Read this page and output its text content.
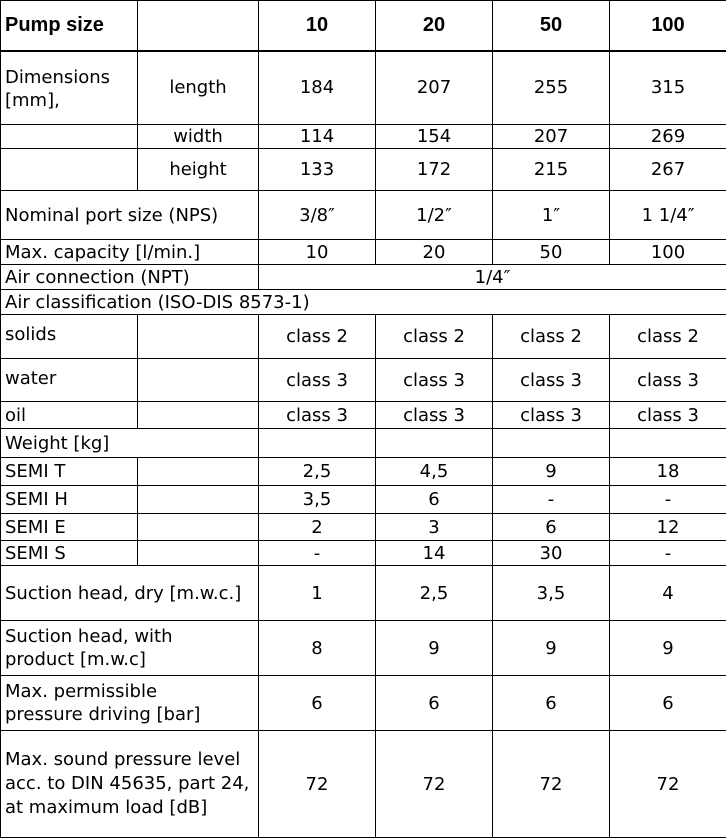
Pump size		10	20	50	100
Dimensions [mm],	length	184	207	255	315
	width	114	154	207	269
	height	133	172	215	267
Nominal port size (NPS)		3/8″	1/2″	1″	1 1/4″
Max. capacity [l/min.]		10	20	50	100
Air connection (NPT)		1/4″			
Air classification (ISO-DIS 8573-1)					
solids		class 2	class 2	class 2	class 2
water		class 3	class 3	class 3	class 3
oil		class 3	class 3	class 3	class 3
Weight [kg]					
SEMI T		2,5	4,5	9	18
SEMI H		3,5	6	-	-
SEMI E		2	3	6	12
SEMI S		-	14	30	-

Suction head, dry [m.w.c.]		1	2,5	3,5	4

Suction head, with product [m.w.c]		8	9	9	9

Max. permissible pressure driving [bar]		6	6	6	6

Max. sound pressure level acc. to DIN 45635, part 24, at maximum load [dB]		72	72	72	72
